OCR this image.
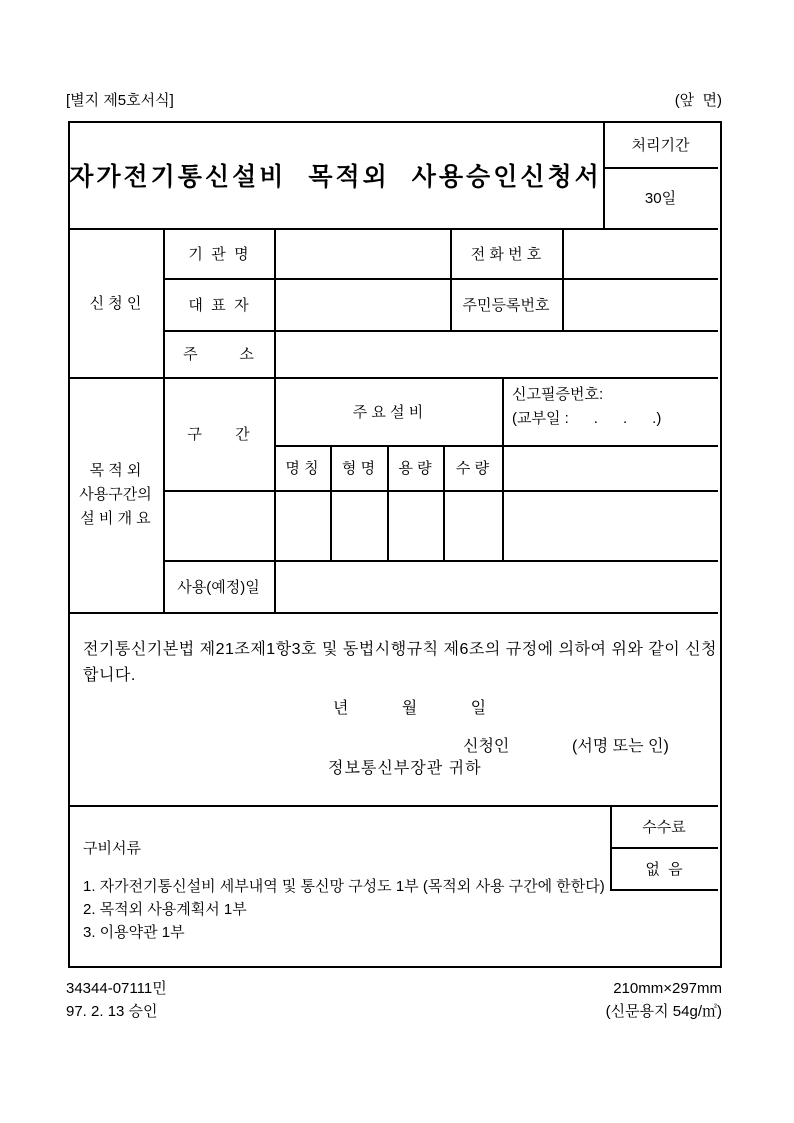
[별지 제5호서식]	(앞  면)
자가전기통신설비 목적외 사용승인신청서
처리기간
30일
신 청 인
기  관  명	전 화 번 호
대  표  자	주민등록번호
주          소
목 적 외
사용구간의
설 비 개 요
구        간
주 요 설 비
신고필증번호:
(교부일 :      .      .      .)
명 칭	형 명	용 량	수 량
사용(예정)일
전기통신기본법 제21조제1항3호 및 동법시행규칙 제6조의 규정에 의하여 위와 같이 신청
합니다.
년            월            일
신청인	(서명 또는 인)
정보통신부장관 귀하
구비서류
1. 자가전기통신설비 세부내역 및 통신망 구성도 1부 (목적외 사용 구간에 한한다)
2. 목적외 사용계획서 1부
3. 이용약관 1부
수수료
없  음
34344-07111민
97. 2. 13 승인
210mm×297mm
(신문용지 54g/㎡)
